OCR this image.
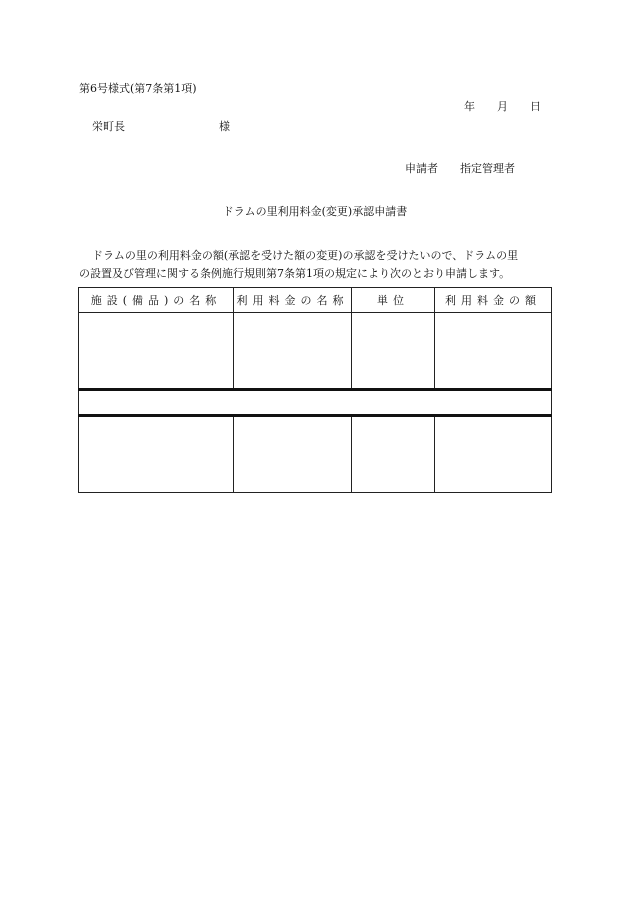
第6号様式(第7条第1項)
年 月 日
栄町長	様
申請者 指定管理者
ドラムの里利用料金(変更)承認申請書
ドラムの里の利用料金の額(承認を受けた額の変更)の承認を受けたいので、ドラムの里
の設置及び管理に関する条例施行規則第7条第1項の規定により次のとおり申請します。
施設(備品)の名称	利用料金の名称	単位	利用料金の額
